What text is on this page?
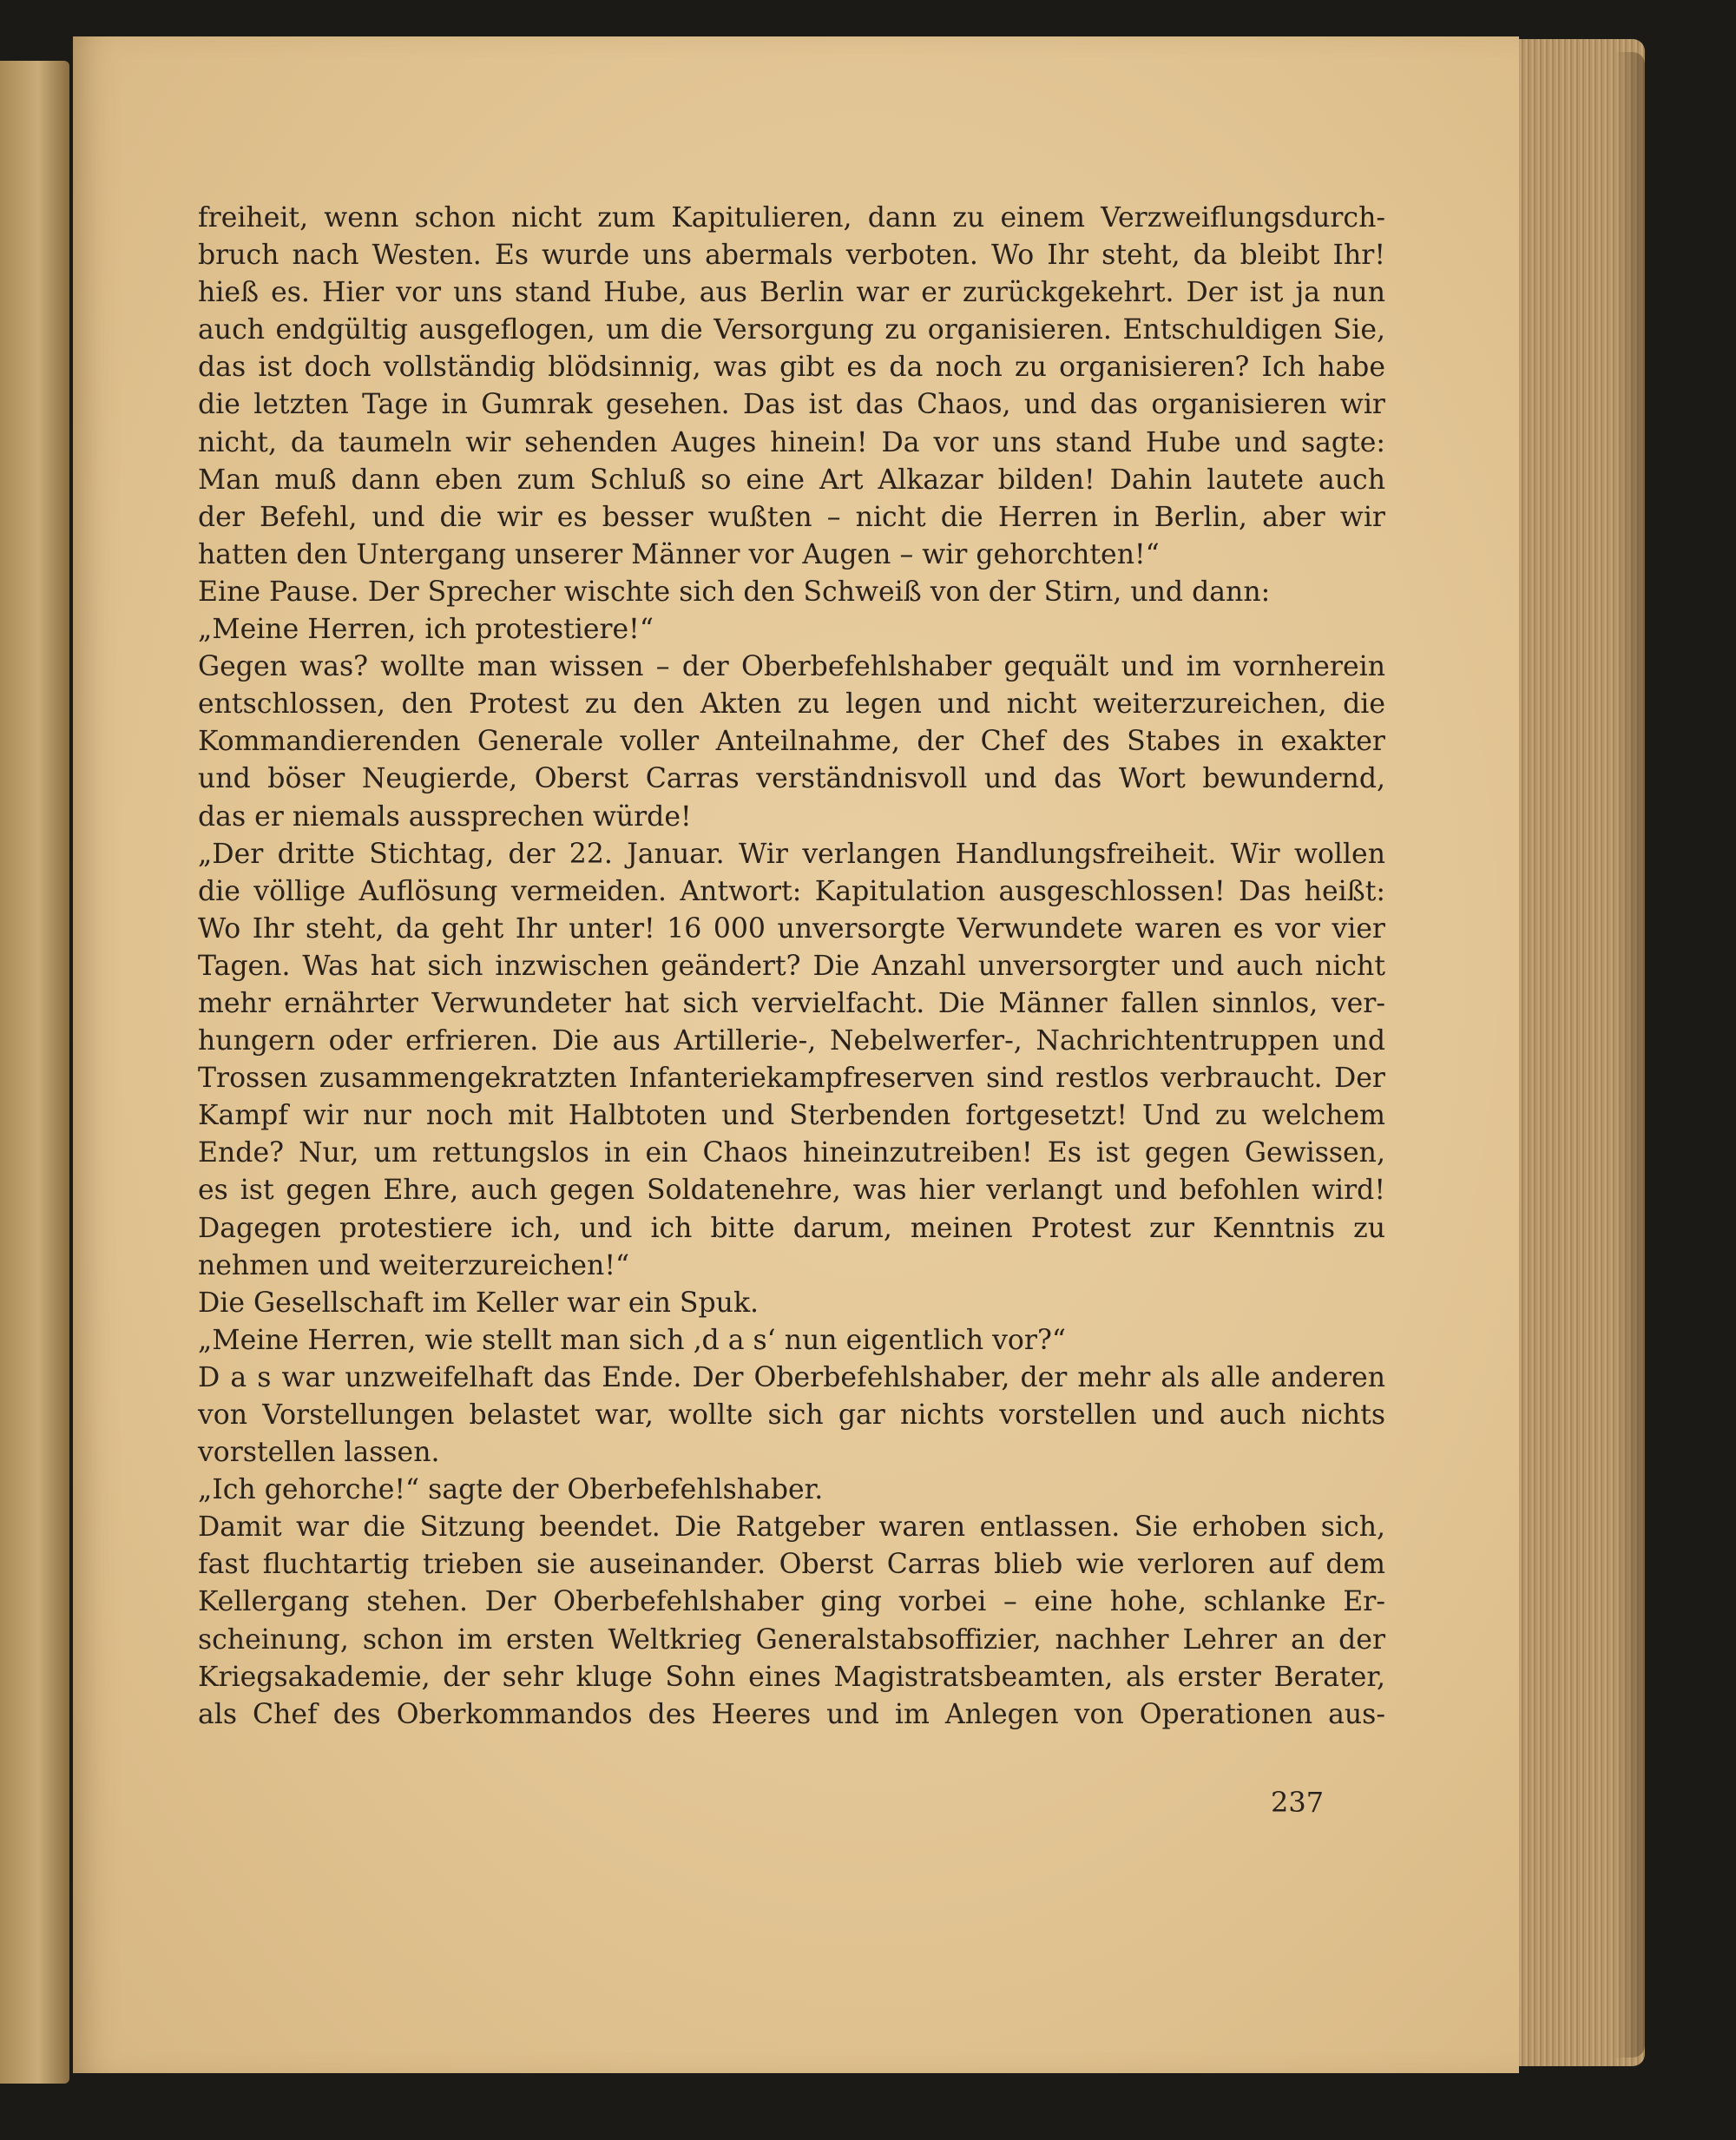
freiheit, wenn schon nicht zum Kapitulieren, dann zu einem Verzweiflungsdurch-
bruch nach Westen. Es wurde uns abermals verboten. Wo Ihr steht, da bleibt Ihr!
hieß es. Hier vor uns stand Hube, aus Berlin war er zurückgekehrt. Der ist ja nun
auch endgültig ausgeflogen, um die Versorgung zu organisieren. Entschuldigen Sie,
das ist doch vollständig blödsinnig, was gibt es da noch zu organisieren? Ich habe
die letzten Tage in Gumrak gesehen. Das ist das Chaos, und das organisieren wir
nicht, da taumeln wir sehenden Auges hinein! Da vor uns stand Hube und sagte:
Man muß dann eben zum Schluß so eine Art Alkazar bilden! Dahin lautete auch
der Befehl, und die wir es besser wußten – nicht die Herren in Berlin, aber wir
hatten den Untergang unserer Männer vor Augen – wir gehorchten!“
Eine Pause. Der Sprecher wischte sich den Schweiß von der Stirn, und dann:
„Meine Herren, ich protestiere!“
Gegen was? wollte man wissen – der Oberbefehlshaber gequält und im vornherein
entschlossen, den Protest zu den Akten zu legen und nicht weiterzureichen, die
Kommandierenden Generale voller Anteilnahme, der Chef des Stabes in exakter
und böser Neugierde, Oberst Carras verständnisvoll und das Wort bewundernd,
das er niemals aussprechen würde!
„Der dritte Stichtag, der 22. Januar. Wir verlangen Handlungsfreiheit. Wir wollen
die völlige Auflösung vermeiden. Antwort: Kapitulation ausgeschlossen! Das heißt:
Wo Ihr steht, da geht Ihr unter! 16 000 unversorgte Verwundete waren es vor vier
Tagen. Was hat sich inzwischen geändert? Die Anzahl unversorgter und auch nicht
mehr ernährter Verwundeter hat sich vervielfacht. Die Männer fallen sinnlos, ver-
hungern oder erfrieren. Die aus Artillerie-, Nebelwerfer-, Nachrichtentruppen und
Trossen zusammengekratzten Infanteriekampfreserven sind restlos verbraucht. Der
Kampf wir nur noch mit Halbtoten und Sterbenden fortgesetzt! Und zu welchem
Ende? Nur, um rettungslos in ein Chaos hineinzutreiben! Es ist gegen Gewissen,
es ist gegen Ehre, auch gegen Soldatenehre, was hier verlangt und befohlen wird!
Dagegen protestiere ich, und ich bitte darum, meinen Protest zur Kenntnis zu
nehmen und weiterzureichen!“
Die Gesellschaft im Keller war ein Spuk.
„Meine Herren, wie stellt man sich ‚d a s‘ nun eigentlich vor?“
D a s war unzweifelhaft das Ende. Der Oberbefehlshaber, der mehr als alle anderen
von Vorstellungen belastet war, wollte sich gar nichts vorstellen und auch nichts
vorstellen lassen.
„Ich gehorche!“ sagte der Oberbefehlshaber.
Damit war die Sitzung beendet. Die Ratgeber waren entlassen. Sie erhoben sich,
fast fluchtartig trieben sie auseinander. Oberst Carras blieb wie verloren auf dem
Kellergang stehen. Der Oberbefehlshaber ging vorbei – eine hohe, schlanke Er-
scheinung, schon im ersten Weltkrieg Generalstabsoffizier, nachher Lehrer an der
Kriegsakademie, der sehr kluge Sohn eines Magistratsbeamten, als erster Berater,
als Chef des Oberkommandos des Heeres und im Anlegen von Operationen aus-
237
